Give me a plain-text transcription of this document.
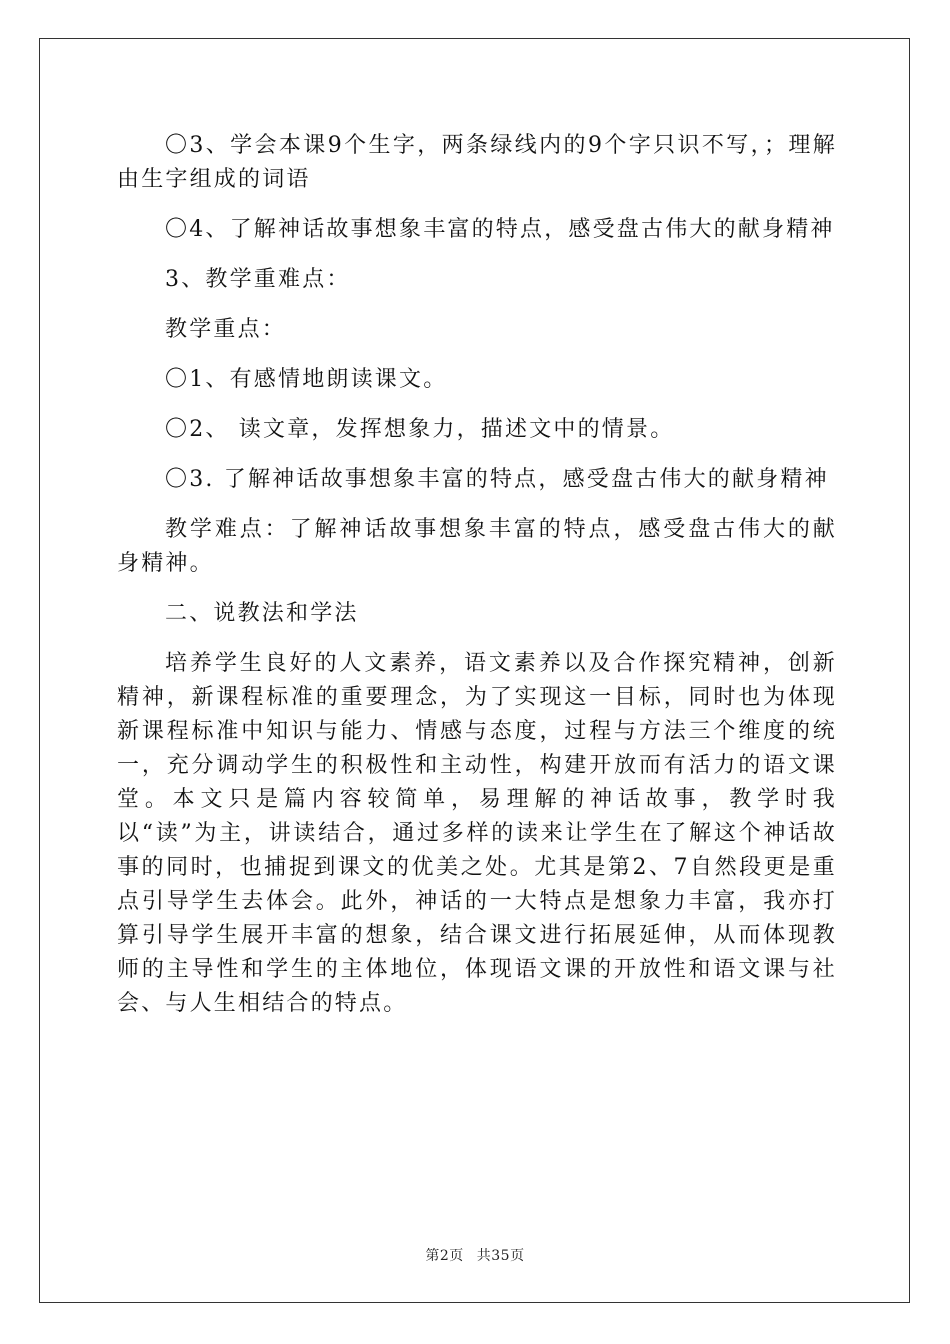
〇3、学会本课9个生字，两条绿线内的9个字只识不写，；理解由生字组成的词语

〇4、了解神话故事想象丰富的特点，感受盘古伟大的献身精神

3、教学重难点：

教学重点：

〇1、有感情地朗读课文。

〇2、 读文章，发挥想象力，描述文中的情景。

〇3. 了解神话故事想象丰富的特点，感受盘古伟大的献身精神

教学难点：了解神话故事想象丰富的特点，感受盘古伟大的献身精神。

二、说教法和学法

培养学生良好的人文素养，语文素养以及合作探究精神，创新精神，新课程标准的重要理念，为了实现这一目标，同时也为体现新课程标准中知识与能力、情感与态度，过程与方法三个维度的统一，充分调动学生的积极性和主动性，构建开放而有活力的语文课堂。本文只是篇内容较简单，易理解的神话故事，教学时我以“读”为主，讲读结合，通过多样的读来让学生在了解这个神话故事的同时，也捕捉到课文的优美之处。尤其是第2、7自然段更是重点引导学生去体会。此外，神话的一大特点是想象力丰富，我亦打算引导学生展开丰富的想象，结合课文进行拓展延伸，从而体现教师的主导性和学生的主体地位，体现语文课的开放性和语文课与社会、与人生相结合的特点。

第2页 共35页
